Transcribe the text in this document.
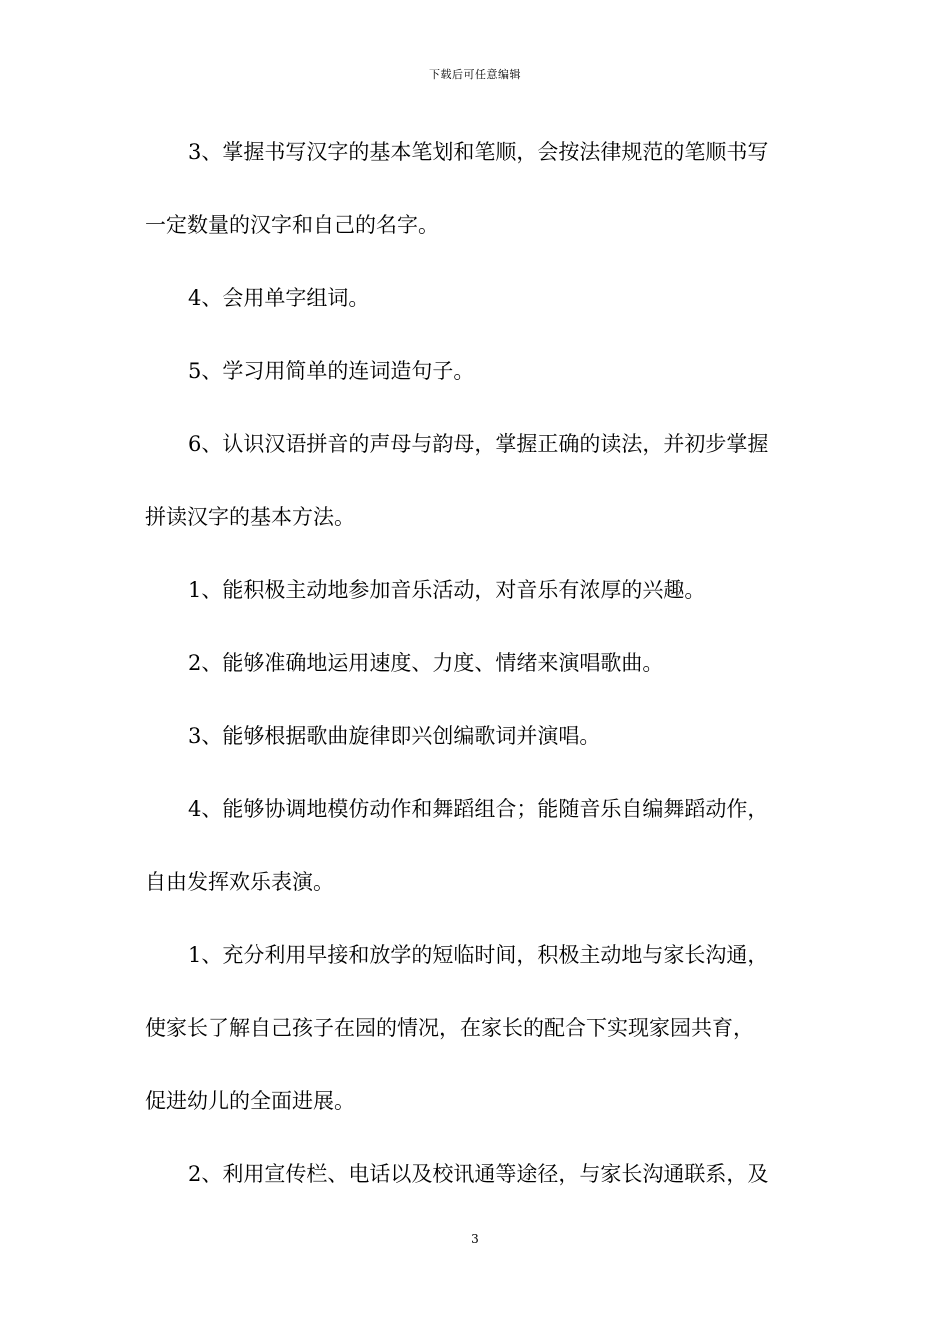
下载后可任意编辑
3、掌握书写汉字的基本笔划和笔顺，会按法律规范的笔顺书写
一定数量的汉字和自己的名字。
4、会用单字组词。
5、学习用简单的连词造句子。
6、认识汉语拼音的声母与韵母，掌握正确的读法，并初步掌握
拼读汉字的基本方法。
1、能积极主动地参加音乐活动，对音乐有浓厚的兴趣。
2、能够准确地运用速度、力度、情绪来演唱歌曲。
3、能够根据歌曲旋律即兴创编歌词并演唱。
4、能够协调地模仿动作和舞蹈组合；能随音乐自编舞蹈动作，
自由发挥欢乐表演。
1、充分利用早接和放学的短临时间，积极主动地与家长沟通，
使家长了解自己孩子在园的情况，在家长的配合下实现家园共育，
促进幼儿的全面进展。
2、利用宣传栏、电话以及校讯通等途径，与家长沟通联系，及
3
